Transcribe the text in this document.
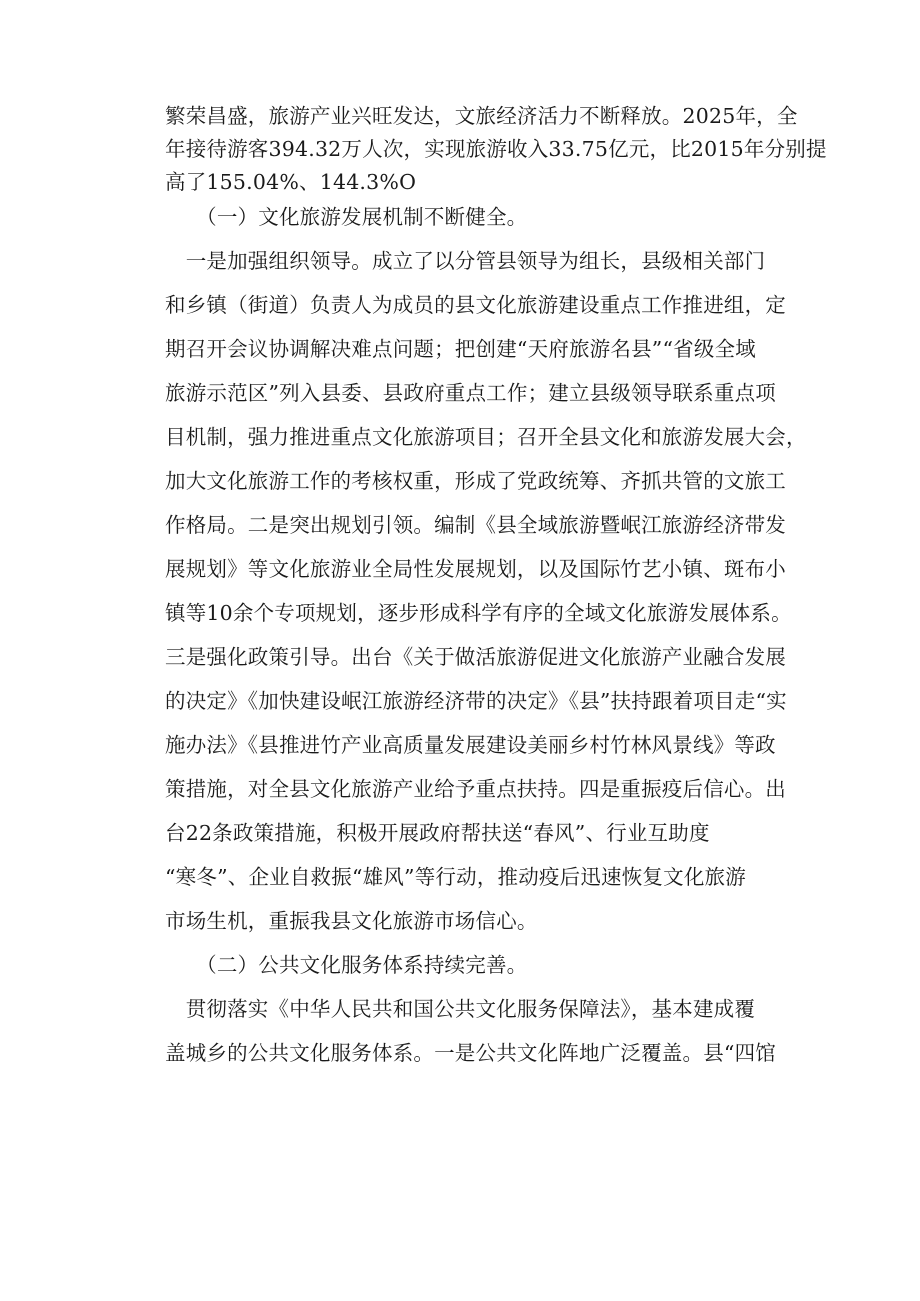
繁荣昌盛，旅游产业兴旺发达，文旅经济活力不断释放。2025年，全
年接待游客394.32万人次，实现旅游收入33.75亿元，比2015年分别提
高了155.04%、144.3%O
　　（一）文化旅游发展机制不断健全。
　一是加强组织领导。成立了以分管县领导为组长，县级相关部门
和乡镇（街道）负责人为成员的县文化旅游建设重点工作推进组，定
期召开会议协调解决难点问题；把创建“天府旅游名县”“省级全域
旅游示范区”列入县委、县政府重点工作；建立县级领导联系重点项
目机制，强力推进重点文化旅游项目；召开全县文化和旅游发展大会，
加大文化旅游工作的考核权重，形成了党政统筹、齐抓共管的文旅工
作格局。二是突出规划引领。编制《县全域旅游暨岷江旅游经济带发
展规划》等文化旅游业全局性发展规划，以及国际竹艺小镇、斑布小
镇等10余个专项规划，逐步形成科学有序的全域文化旅游发展体系。
三是强化政策引导。出台《关于做活旅游促进文化旅游产业融合发展
的决定》《加快建设岷江旅游经济带的决定》《县”扶持跟着项目走“实
施办法》《县推进竹产业高质量发展建设美丽乡村竹林风景线》等政
策措施，对全县文化旅游产业给予重点扶持。四是重振疫后信心。出
台22条政策措施，积极开展政府帮扶送“春风”、行业互助度
“寒冬”、企业自救振“雄风”等行动，推动疫后迅速恢复文化旅游
市场生机，重振我县文化旅游市场信心。
　　（二）公共文化服务体系持续完善。
　贯彻落实《中华人民共和国公共文化服务保障法》，基本建成覆
盖城乡的公共文化服务体系。一是公共文化阵地广泛覆盖。县“四馆
